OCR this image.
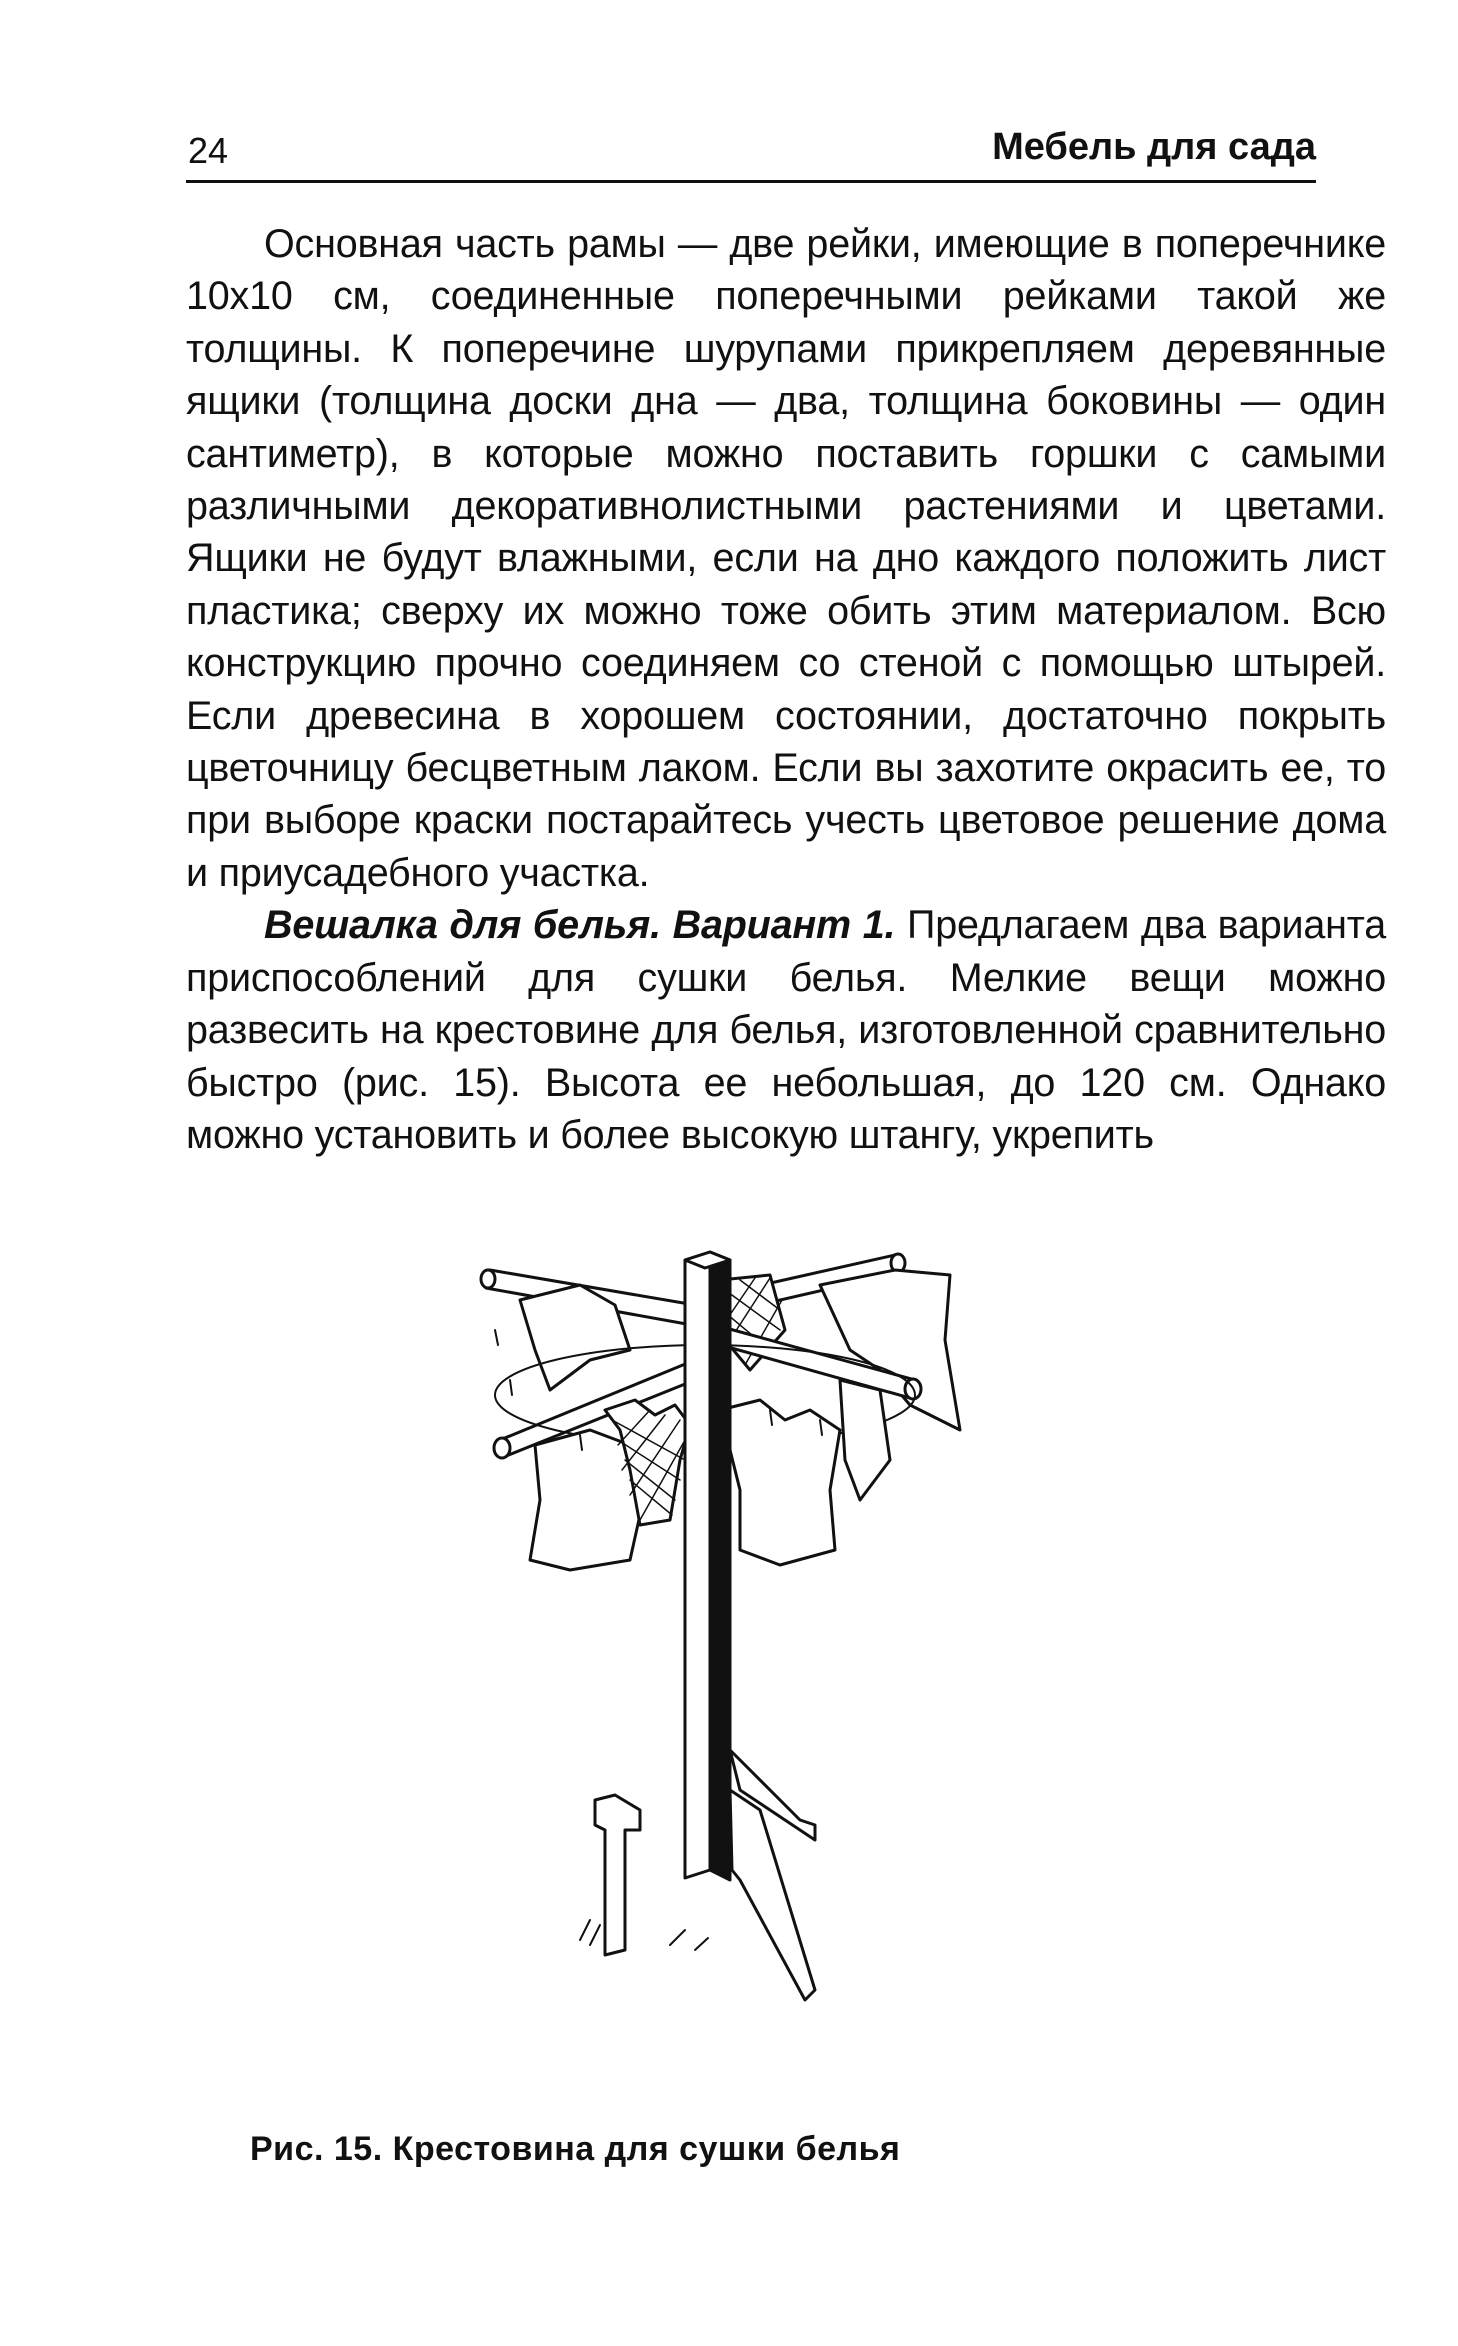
24	Мебель для сада

Основная часть рамы — две рейки, имеющие в поперечнике 10х10 см, соединенные поперечными рейками такой же толщины. К поперечине шурупами прикрепляем деревянные ящики (толщина доски дна — два, толщина боковины — один сантиметр), в которые можно поставить горшки с самыми различными декоративнолистными растениями и цветами. Ящики не будут влажными, если на дно каждого положить лист пластика; сверху их можно тоже обить этим материалом. Всю конструкцию прочно соединяем со стеной с помощью штырей. Если древесина в хорошем состоянии, достаточно покрыть цветочницу бесцветным лаком. Если вы захотите окрасить ее, то при выборе краски постарайтесь учесть цветовое решение дома и приусадебного участка.

Вешалка для белья. Вариант 1. Предлагаем два варианта приспособлений для сушки белья. Мелкие вещи можно развесить на крестовине для белья, изготовленной сравнительно быстро (рис. 15). Высота ее небольшая, до 120 см. Однако можно установить и более высокую штангу, укрепить

Рис. 15. Крестовина для сушки белья
